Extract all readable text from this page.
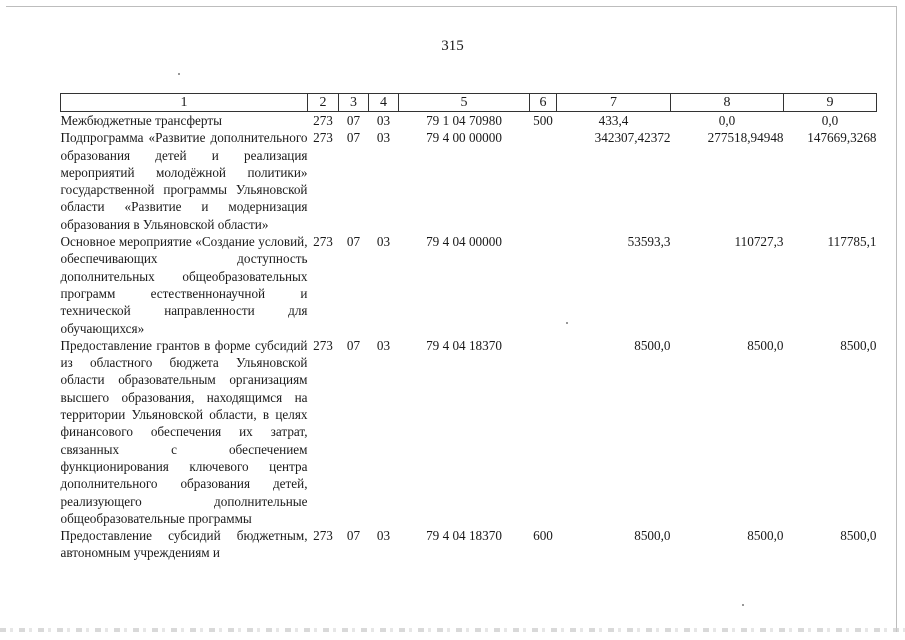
315
1	2	3	4	5	6	7	8	9
Межбюджетные трансферты	273	07	03	79 1 04 70980	500	433,4	0,0	0,0
Подпрограмма «Развитие дополнительного образования детей и реализация мероприятий молодёжной политики» государственной программы Ульяновской области «Развитие и модернизация образования в Ульяновской области»	273	07	03	79 4 00 00000		342307,42372	277518,94948	147669,3268
Основное мероприятие «Создание условий, обеспечивающих доступность дополнительных общеобразовательных программ естественнонаучной и технической направленности для обучающихся»	273	07	03	79 4 04 00000		53593,3	110727,3	117785,1
Предоставление грантов в форме субсидий из областного бюджета Ульяновской области образовательным организациям высшего образования, находящимся на территории Ульяновской области, в целях финансового обеспечения их затрат, связанных с обеспечением функционирования ключевого центра дополнительного образования детей, реализующего дополнительные общеобразовательные программы	273	07	03	79 4 04 18370		8500,0	8500,0	8500,0
Предоставление субсидий бюджетным, автономным учреждениям и	273	07	03	79 4 04 18370	600	8500,0	8500,0	8500,0
